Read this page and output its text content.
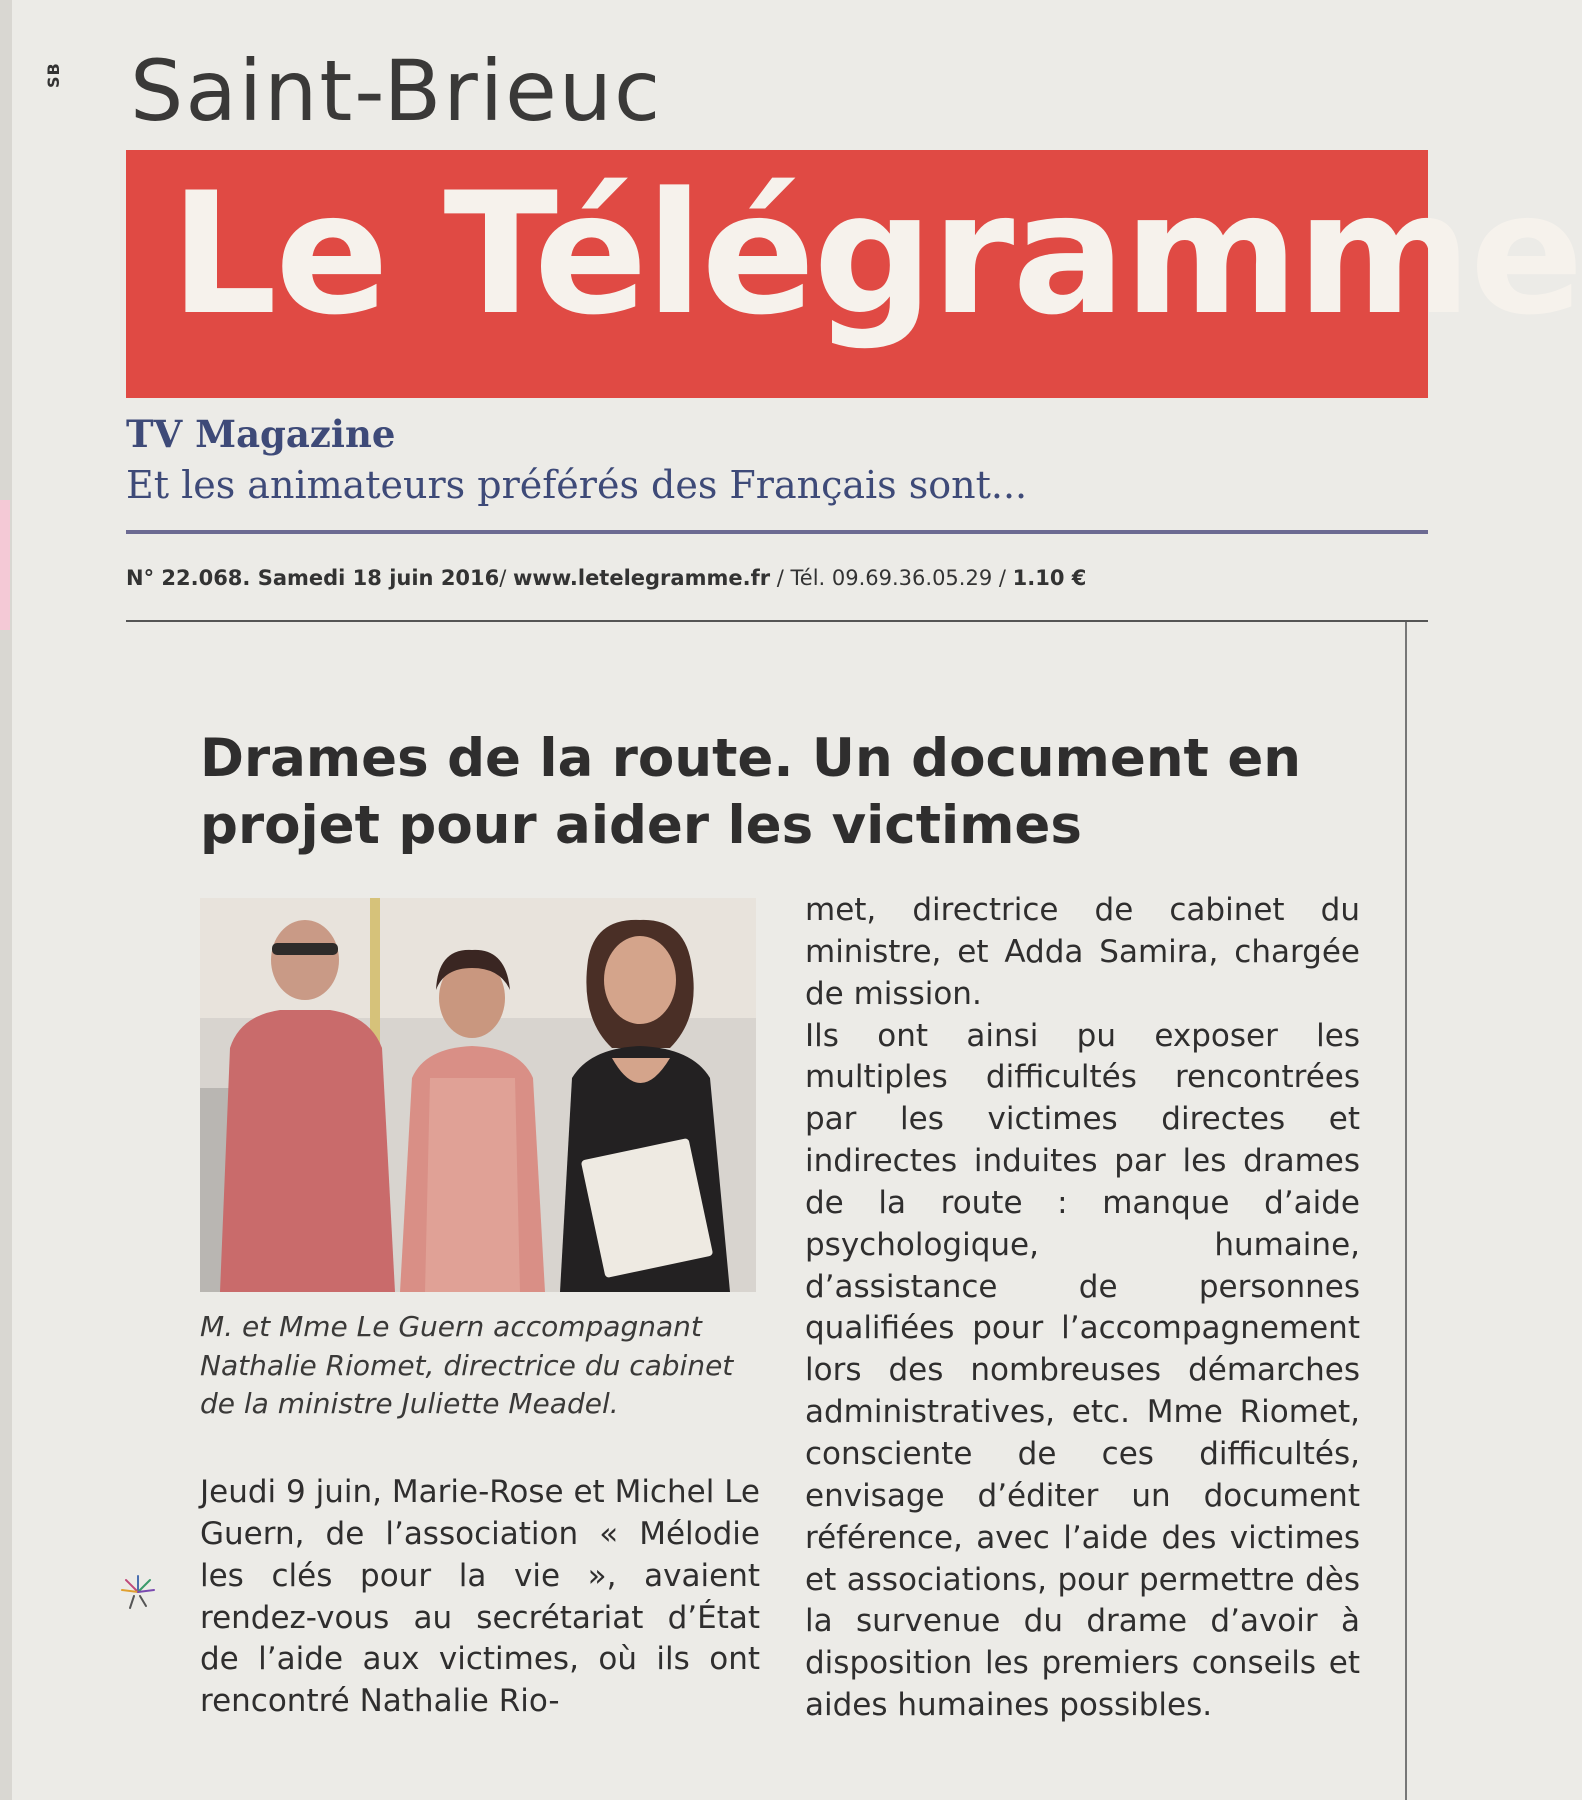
SB Saint-Brieuc
Le Télégramme
TV Magazine
Et les animateurs préférés des Français sont...
N° 22.068. Samedi 18 juin 2016/ www.letelegramme.fr / Tél. 09.69.36.05.29 / 1.10 €
Drames de la route. Un document en projet pour aider les victimes
M. et Mme Le Guern accompagnant Nathalie Riomet, directrice du cabinet de la ministre Juliette Meadel.
Jeudi 9 juin, Marie-Rose et Michel Le Guern, de l’association « Mélodie les clés pour la vie », avaient rendez-vous au secrétariat d’État de l’aide aux victimes, où ils ont rencontré Nathalie Rio-
met, directrice de cabinet du ministre, et Adda Samira, chargée de mission.
Ils ont ainsi pu exposer les multiples difficultés rencontrées par les victimes directes et indirectes induites par les drames de la route : manque d’aide psychologique, humaine, d’assistance de personnes qualifiées pour l’accompagnement lors des nombreuses démarches administratives, etc. Mme Riomet, consciente de ces difficultés, envisage d’éditer un document référence, avec l’aide des victimes et associations, pour permettre dès la survenue du drame d’avoir à disposition les premiers conseils et aides humaines possibles.
